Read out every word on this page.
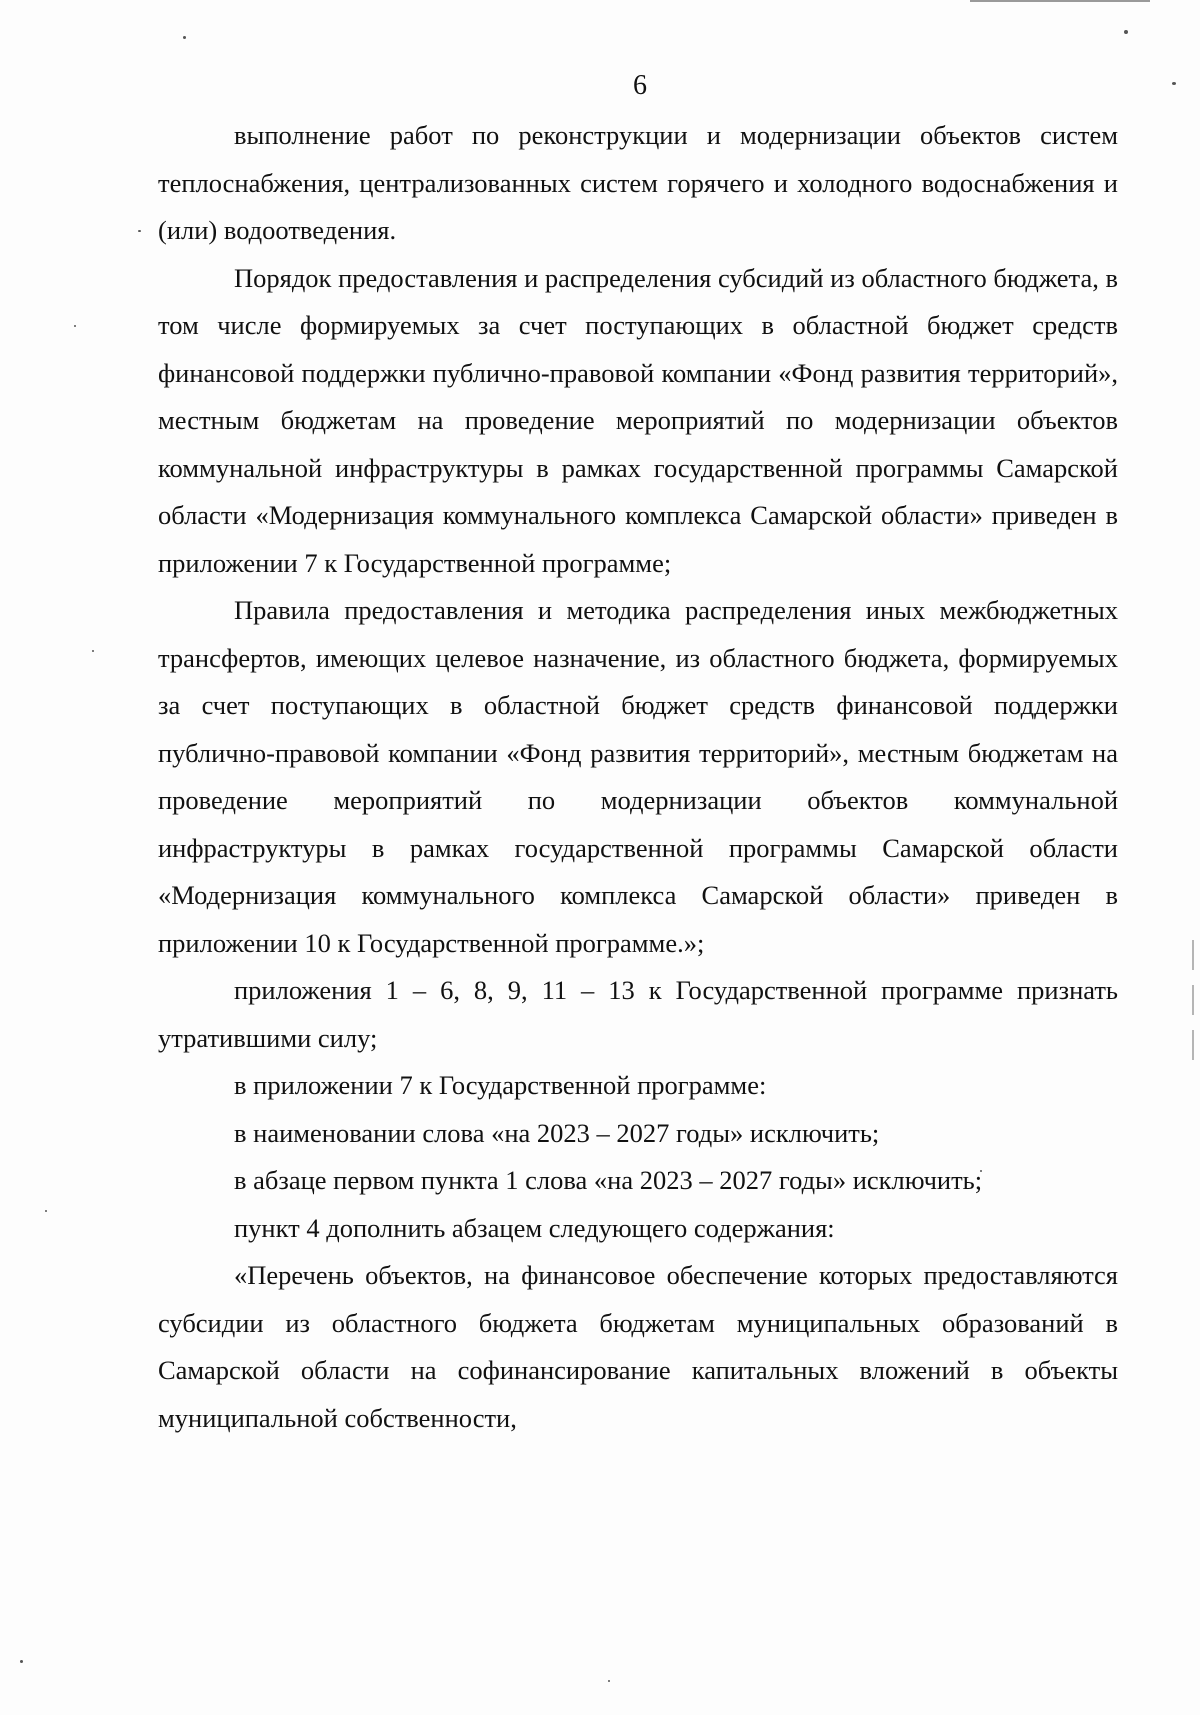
6

выполнение работ по реконструкции и модернизации объектов систем теплоснабжения, централизованных систем горячего и холодного водоснабжения и (или) водоотведения.

Порядок предоставления и распределения субсидий из областного бюджета, в том числе формируемых за счет поступающих в областной бюджет средств финансовой поддержки публично-правовой компании «Фонд развития территорий», местным бюджетам на проведение мероприятий по модернизации объектов коммунальной инфраструктуры в рамках государственной программы Самарской области «Модернизация коммунального комплекса Самарской области» приведен в приложении 7 к Государственной программе;

Правила предоставления и методика распределения иных межбюджетных трансфертов, имеющих целевое назначение, из областного бюджета, формируемых за счет поступающих в областной бюджет средств финансовой поддержки публично-правовой компании «Фонд развития территорий», местным бюджетам на проведение мероприятий по модернизации объектов коммунальной инфраструктуры в рамках государственной программы Самарской области «Модернизация коммунального комплекса Самарской области» приведен в приложении 10 к Государственной программе.»;

приложения 1 – 6, 8, 9, 11 – 13 к Государственной программе признать утратившими силу;

в приложении 7 к Государственной программе:

в наименовании слова «на 2023 – 2027 годы» исключить;

в абзаце первом пункта 1 слова «на 2023 – 2027 годы» исключить;

пункт 4 дополнить абзацем следующего содержания:

«Перечень объектов, на финансовое обеспечение которых предоставляются субсидии из областного бюджета бюджетам муниципальных образований в Самарской области на софинансирование капитальных вложений в объекты муниципальной собственности,
